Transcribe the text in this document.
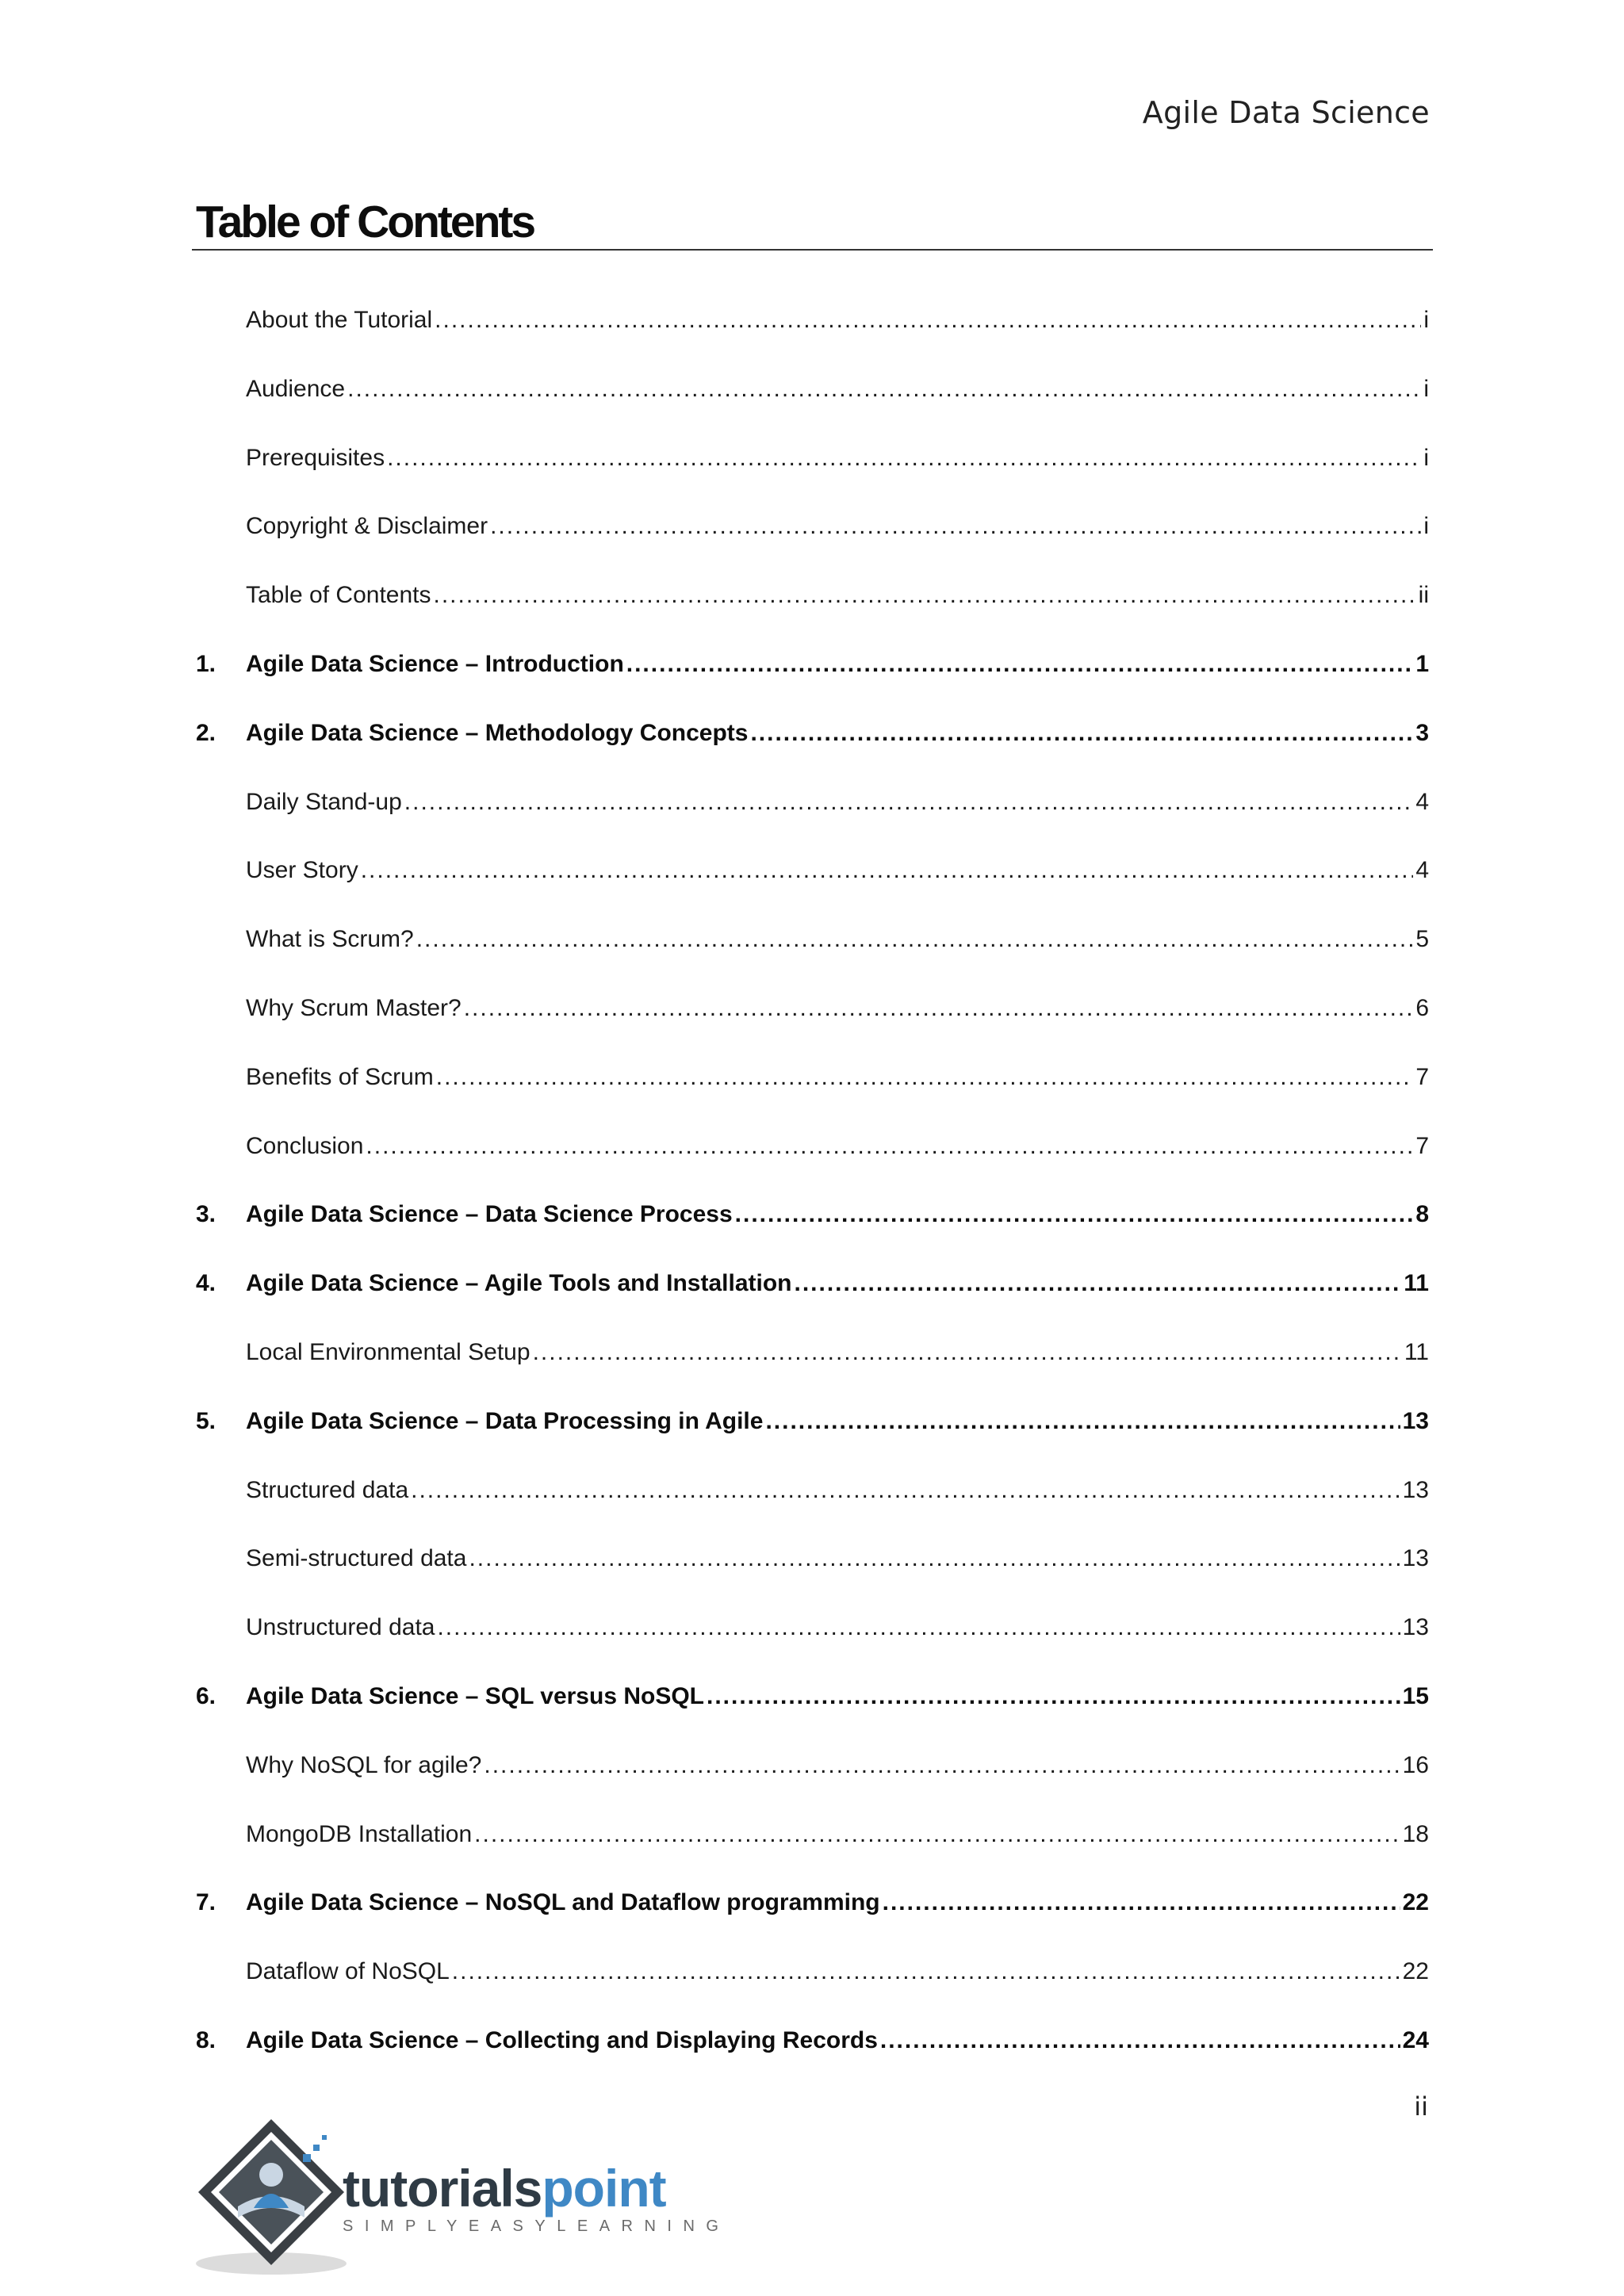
Agile Data Science
Table of Contents
About the Tutorial .....	i
Audience .....	i
Prerequisites .....	i
Copyright & Disclaimer .....	i
Table of Contents .....	ii
1. Agile Data Science – Introduction .....	1
2. Agile Data Science – Methodology Concepts .....	3
Daily Stand-up .....	4
User Story .....	4
What is Scrum? .....	5
Why Scrum Master? .....	6
Benefits of Scrum .....	7
Conclusion .....	7
3. Agile Data Science – Data Science Process .....	8
4. Agile Data Science – Agile Tools and Installation .....	11
Local Environmental Setup .....	11
5. Agile Data Science – Data Processing in Agile .....	13
Structured data .....	13
Semi-structured data .....	13
Unstructured data .....	13
6. Agile Data Science – SQL versus NoSQL .....	15
Why NoSQL for agile? .....	16
MongoDB Installation .....	18
7. Agile Data Science – NoSQL and Dataflow programming .....	22
Dataflow of NoSQL .....	22
8. Agile Data Science – Collecting and Displaying Records .....	24
ii
tutorialspoint
SIMPLYEASYLEARNING
